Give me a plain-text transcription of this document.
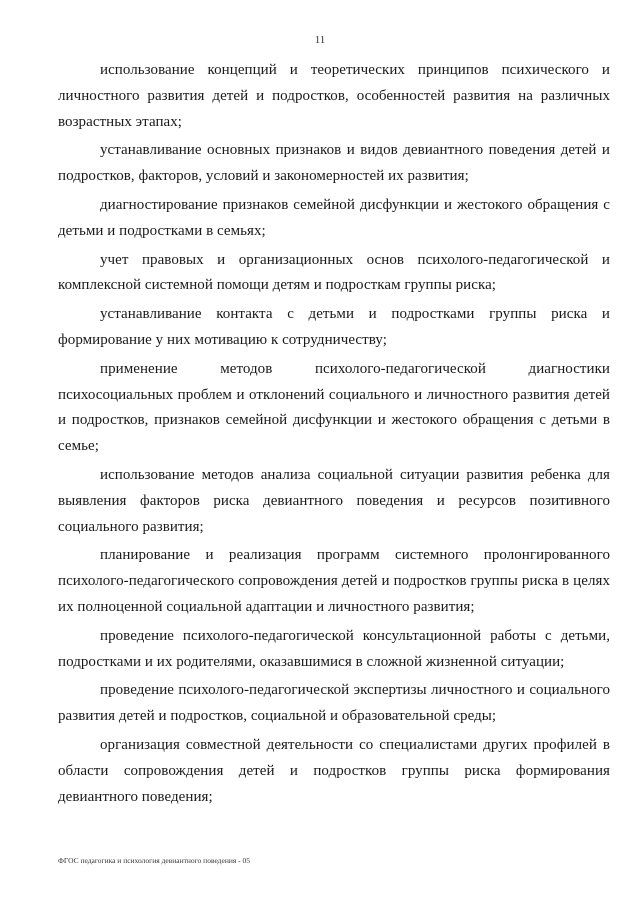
11

использование концепций и теоретических принципов психического и личностного развития детей и подростков, особенностей развития на различных возрастных этапах;

устанавливание основных признаков и видов девиантного поведения детей и подростков, факторов, условий и закономерностей их развития;

диагностирование признаков семейной дисфункции и жестокого обращения с детьми и подростками в семьях;

учет правовых и организационных основ психолого-педагогической и комплексной системной помощи детям и подросткам группы риска;

устанавливание контакта с детьми и подростками группы риска и формирование у них мотивацию к сотрудничеству;

применение методов психолого-педагогической диагностики психосоциальных проблем и отклонений социального и личностного развития детей и подростков, признаков семейной дисфункции и жестокого обращения с детьми в семье;

использование методов анализа социальной ситуации развития ребенка для выявления факторов риска девиантного поведения и ресурсов позитивного социального развития;

планирование и реализация программ системного пролонгированного психолого-педагогического сопровождения детей и подростков группы риска в целях их полноценной социальной адаптации и личностного развития;

проведение психолого-педагогической консультационной работы с детьми, подростками и их родителями, оказавшимися в сложной жизненной ситуации;

проведение психолого-педагогической экспертизы личностного и социального развития детей и подростков, социальной и образовательной среды;

организация совместной деятельности со специалистами других профилей в области сопровождения детей и подростков группы риска формирования девиантного поведения;

ФГОС педагогика и психология девиантного поведения - 05
